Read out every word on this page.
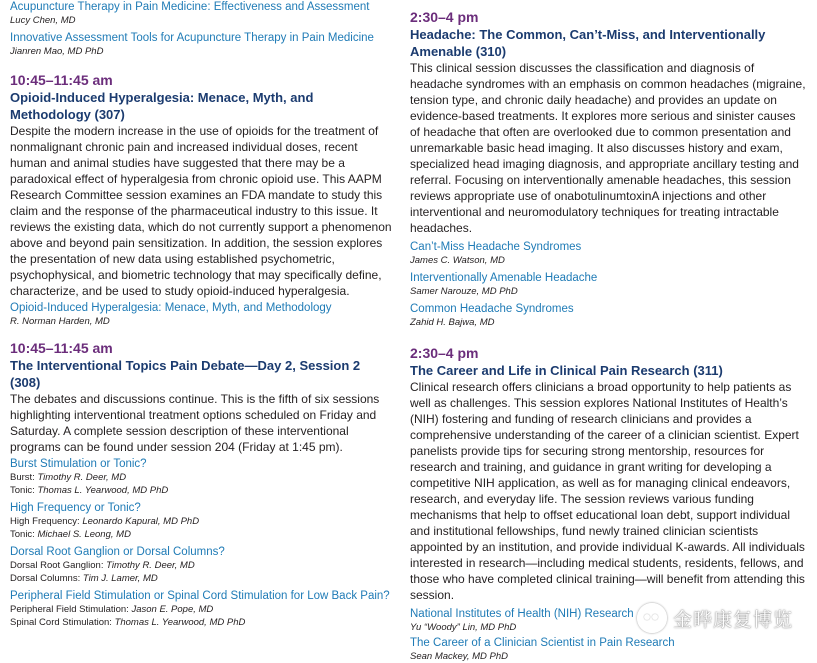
Acupuncture Therapy in Pain Medicine: Effectiveness and Assessment
Lucy Chen, MD
Innovative Assessment Tools for Acupuncture Therapy in Pain Medicine
Jianren Mao, MD PhD
10:45–11:45 am
Opioid-Induced Hyperalgesia: Menace, Myth, and Methodology (307)

Despite the modern increase in the use of opioids for the treatment of nonmalignant chronic pain and increased individual doses, recent human and animal studies have suggested that there may be a paradoxical effect of hyperalgesia from chronic opioid use. This AAPM Research Committee session examines an FDA mandate to study this claim and the response of the pharmaceutical industry to this issue. It reviews the existing data, which do not currently support a phenomenon above and beyond pain sensitization. In addition, the session explores the presentation of new data using established psychometric, psychophysical, and biometric technology that may specifically define, characterize, and be used to study opioid-induced hyperalgesia.

Opioid-Induced Hyperalgesia: Menace, Myth, and Methodology
R. Norman Harden, MD
10:45–11:45 am
The Interventional Topics Pain Debate—Day 2, Session 2 (308)

The debates and discussions continue. This is the fifth of six sessions highlighting interventional treatment options scheduled on Friday and Saturday. A complete session description of these interventional programs can be found under session 204 (Friday at 1:45 pm).

Burst Stimulation or Tonic?
Burst: Timothy R. Deer, MD
Tonic: Thomas L. Yearwood, MD PhD
High Frequency or Tonic?
High Frequency: Leonardo Kapural, MD PhD
Tonic: Michael S. Leong, MD
Dorsal Root Ganglion or Dorsal Columns?
Dorsal Root Ganglion: Timothy R. Deer, MD
Dorsal Columns: Tim J. Lamer, MD
Peripheral Field Stimulation or Spinal Cord Stimulation for Low Back Pain?
Peripheral Field Stimulation: Jason E. Pope, MD
Spinal Cord Stimulation: Thomas L. Yearwood, MD PhD
2:30–4 pm
Headache: The Common, Can’t-Miss, and Interventionally Amenable (310)

This clinical session discusses the classification and diagnosis of headache syndromes with an emphasis on common headaches (migraine, tension type, and chronic daily headache) and provides an update on evidence-based treatments. It explores more serious and sinister causes of headache that often are overlooked due to common presentation and unremarkable basic head imaging. It also discusses history and exam, specialized head imaging diagnosis, and appropriate ancillary testing and referral. Focusing on interventionally amenable headaches, this session reviews appropriate use of onabotulinumtoxinA injections and other interventional and neuromodulatory techniques for treating intractable headaches.

Can’t-Miss Headache Syndromes
James C. Watson, MD
Interventionally Amenable Headache
Samer Narouze, MD PhD
Common Headache Syndromes
Zahid H. Bajwa, MD
2:30–4 pm
The Career and Life in Clinical Pain Research (311)

Clinical research offers clinicians a broad opportunity to help patients as well as challenges. This session explores National Institutes of Health’s (NIH) fostering and funding of research clinicians and provides a comprehensive understanding of the career of a clinician scientist. Expert panelists provide tips for securing strong mentorship, resources for research and training, and guidance in grant writing for developing a competitive NIH application, as well as for managing clinical endeavors, research, and everyday life. The session reviews various funding mechanisms that help to offset educational loan debt, support individual and institutional fellowships, fund newly trained clinician scientists appointed by an institution, and provide individual K-awards. All individuals interested in research—including medical students, residents, fellows, and those who have completed clinical training—will benefit from attending this session.

National Institutes of Health (NIH) Research
Yu “Woody” Lin, MD PhD
The Career of a Clinician Scientist in Pain Research
Sean Mackey, MD PhD
金晔康复博览
